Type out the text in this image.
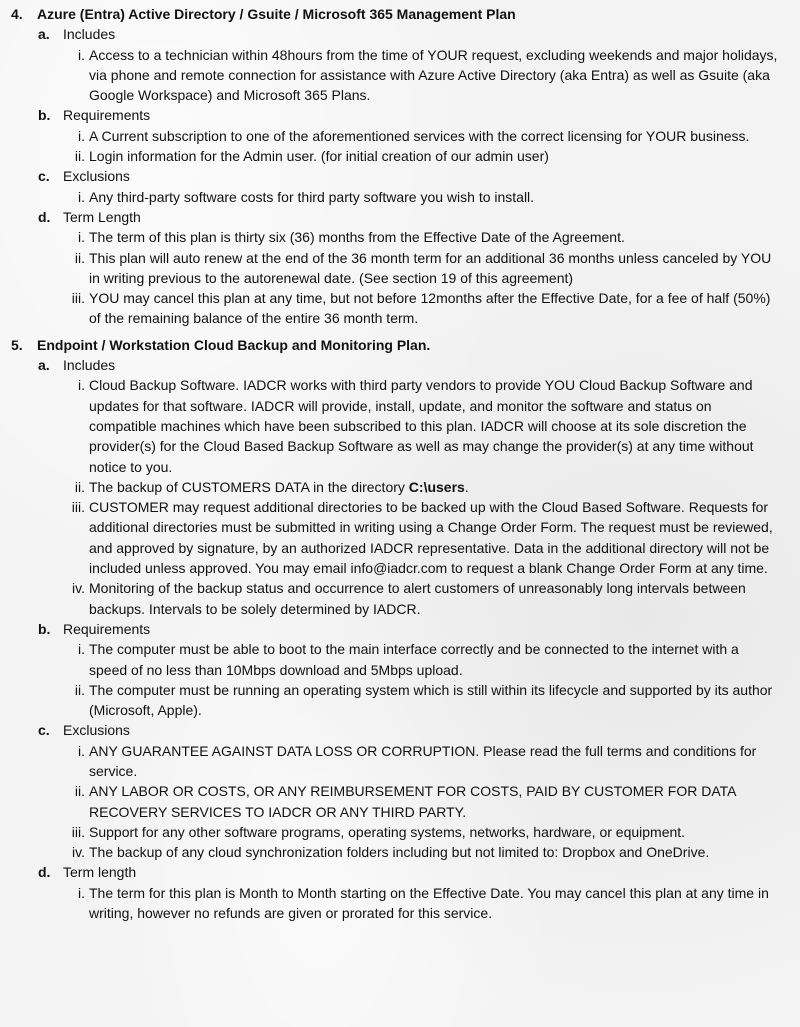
4. Azure (Entra) Active Directory / Gsuite / Microsoft 365 Management Plan
a. Includes
i. Access to a technician within 48hours from the time of YOUR request, excluding weekends and major holidays, via phone and remote connection for assistance with Azure Active Directory (aka Entra) as well as Gsuite (aka Google Workspace) and Microsoft 365 Plans.
b. Requirements
i. A Current subscription to one of the aforementioned services with the correct licensing for YOUR business.
ii. Login information for the Admin user. (for initial creation of our admin user)
c. Exclusions
i. Any third-party software costs for third party software you wish to install.
d. Term Length
i. The term of this plan is thirty six (36) months from the Effective Date of the Agreement.
ii. This plan will auto renew at the end of the 36 month term for an additional 36 months unless canceled by YOU in writing previous to the autorenewal date. (See section 19 of this agreement)
iii. YOU may cancel this plan at any time, but not before 12months after the Effective Date, for a fee of half (50%) of the remaining balance of the entire 36 month term.
5. Endpoint / Workstation Cloud Backup and Monitoring Plan.
a. Includes
i. Cloud Backup Software. IADCR works with third party vendors to provide YOU Cloud Backup Software and updates for that software. IADCR will provide, install, update, and monitor the software and status on compatible machines which have been subscribed to this plan. IADCR will choose at its sole discretion the provider(s) for the Cloud Based Backup Software as well as may change the provider(s) at any time without notice to you.
ii. The backup of CUSTOMERS DATA in the directory C:\users.
iii. CUSTOMER may request additional directories to be backed up with the Cloud Based Software. Requests for additional directories must be submitted in writing using a Change Order Form. The request must be reviewed, and approved by signature, by an authorized IADCR representative. Data in the additional directory will not be included unless approved. You may email info@iadcr.com to request a blank Change Order Form at any time.
iv. Monitoring of the backup status and occurrence to alert customers of unreasonably long intervals between backups. Intervals to be solely determined by IADCR.
b. Requirements
i. The computer must be able to boot to the main interface correctly and be connected to the internet with a speed of no less than 10Mbps download and 5Mbps upload.
ii. The computer must be running an operating system which is still within its lifecycle and supported by its author (Microsoft, Apple).
c. Exclusions
i. ANY GUARANTEE AGAINST DATA LOSS OR CORRUPTION. Please read the full terms and conditions for service.
ii. ANY LABOR OR COSTS, OR ANY REIMBURSEMENT FOR COSTS, PAID BY CUSTOMER FOR DATA RECOVERY SERVICES TO IADCR OR ANY THIRD PARTY.
iii. Support for any other software programs, operating systems, networks, hardware, or equipment.
iv. The backup of any cloud synchronization folders including but not limited to: Dropbox and OneDrive.
d. Term length
i. The term for this plan is Month to Month starting on the Effective Date. You may cancel this plan at any time in writing, however no refunds are given or prorated for this service.
